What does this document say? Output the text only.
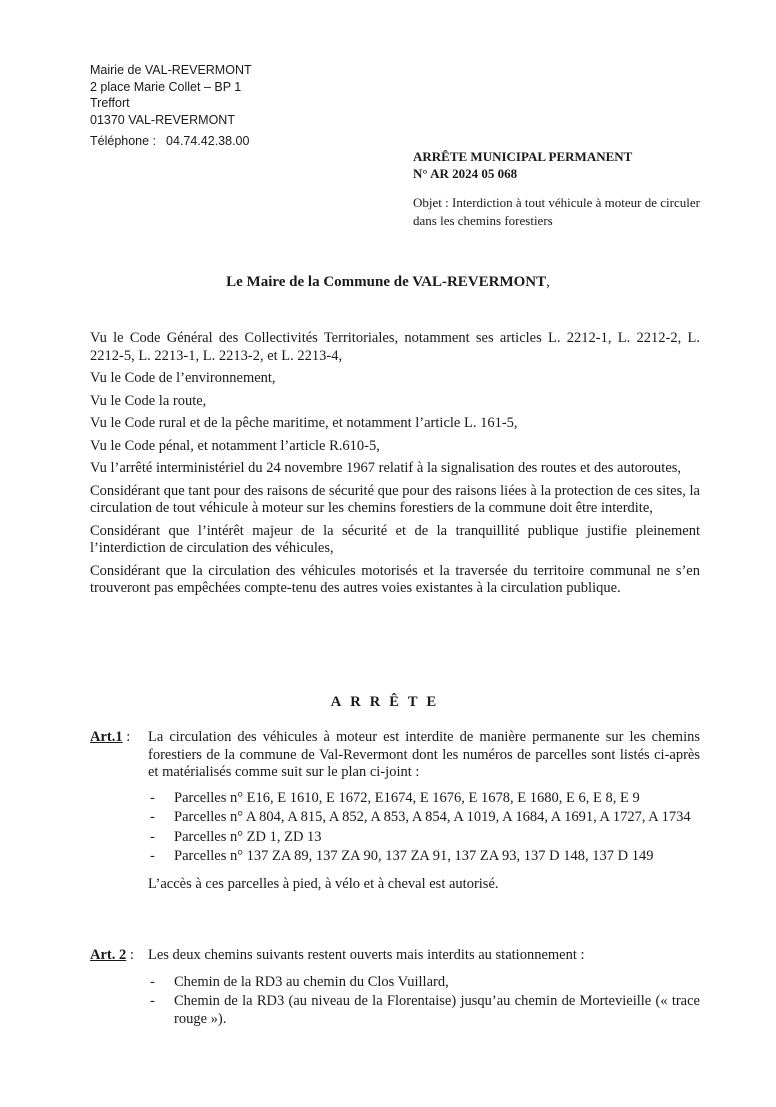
Mairie de VAL-REVERMONT
2 place Marie Collet – BP 1
Treffort
01370 VAL-REVERMONT
Téléphone : 04.74.42.38.00
ARRÊTE MUNICIPAL PERMANENT
N° AR 2024 05 068
Objet : Interdiction à tout véhicule à moteur de circuler dans les chemins forestiers
Le Maire de la Commune de VAL-REVERMONT,

Vu le Code Général des Collectivités Territoriales, notamment ses articles L. 2212-1, L. 2212-2, L. 2212-5, L. 2213-1, L. 2213-2, et L. 2213-4,

Vu le Code de l’environnement,

Vu le Code la route,

Vu le Code rural et de la pêche maritime, et notamment l’article L. 161-5,

Vu le Code pénal, et notamment l’article R.610-5,

Vu l’arrêté interministériel du 24 novembre 1967 relatif à la signalisation des routes et des autoroutes,

Considérant que tant pour des raisons de sécurité que pour des raisons liées à la protection de ces sites, la circulation de tout véhicule à moteur sur les chemins forestiers de la commune doit être interdite,

Considérant que l’intérêt majeur de la sécurité et de la tranquillité publique justifie pleinement l’interdiction de circulation des véhicules,

Considérant que la circulation des véhicules motorisés et la traversée du territoire communal ne s’en trouveront pas empêchées compte-tenu des autres voies existantes à la circulation publique.

ARRÊTE
Art.1 : La circulation des véhicules à moteur est interdite de manière permanente sur les chemins forestiers de la commune de Val-Revermont dont les numéros de parcelles sont listés ci-après et matérialisés comme suit sur le plan ci-joint :

- Parcelles n° E16, E 1610, E 1672, E1674, E 1676, E 1678, E 1680, E 6, E 8, E 9
- Parcelles n° A 804, A 815, A 852, A 853, A 854, A 1019, A 1684, A 1691, A 1727, A 1734
- Parcelles n° ZD 1, ZD 13
- Parcelles n° 137 ZA 89, 137 ZA 90, 137 ZA 91, 137 ZA 93, 137 D 148, 137 D 149

L’accès à ces parcelles à pied, à vélo et à cheval est autorisé.

Art. 2 : Les deux chemins suivants restent ouverts mais interdits au stationnement :

- Chemin de la RD3 au chemin du Clos Vuillard,
- Chemin de la RD3 (au niveau de la Florentaise) jusqu’au chemin de Mortevieille (« trace rouge »).
